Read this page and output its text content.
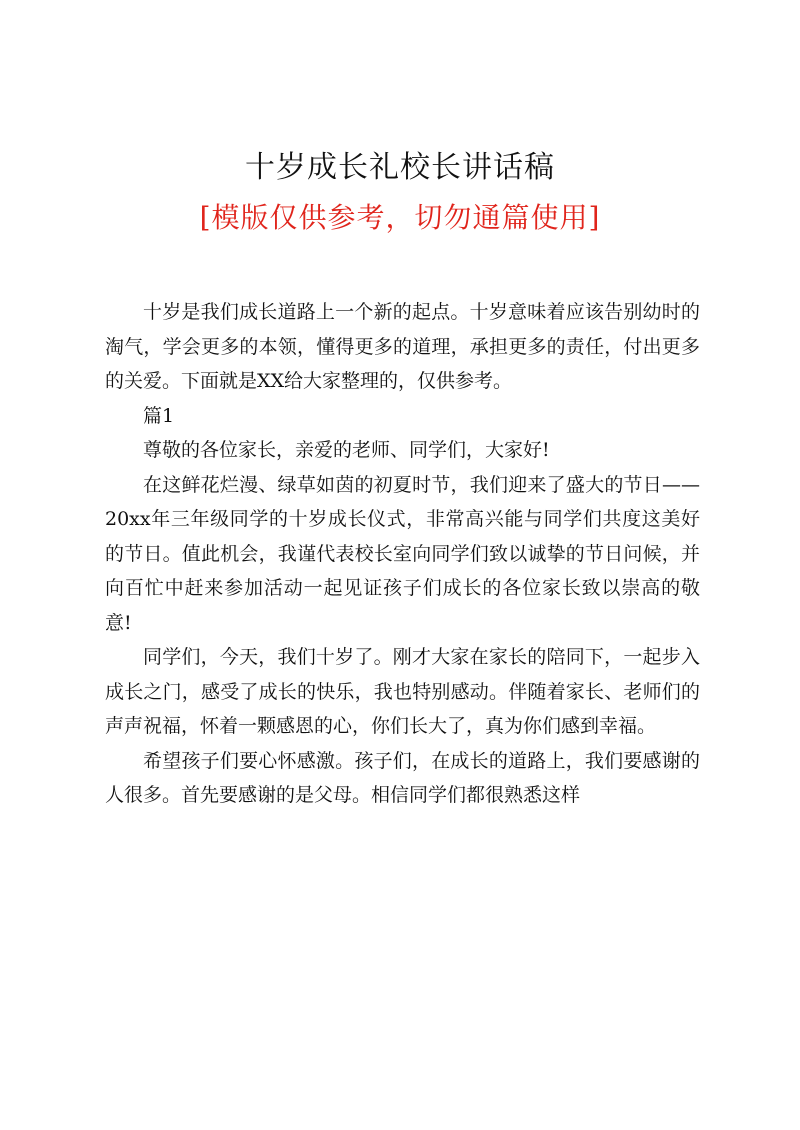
十岁成长礼校长讲话稿
[模版仅供参考，切勿通篇使用]

十岁是我们成长道路上一个新的起点。十岁意味着应该告别幼时的淘气，学会更多的本领，懂得更多的道理，承担更多的责任，付出更多的关爱。下面就是XX给大家整理的，仅供参考。

篇1

尊敬的各位家长，亲爱的老师、同学们，大家好!

在这鲜花烂漫、绿草如茵的初夏时节，我们迎来了盛大的节日——20xx年三年级同学的十岁成长仪式，非常高兴能与同学们共度这美好的节日。值此机会，我谨代表校长室向同学们致以诚挚的节日问候，并向百忙中赶来参加活动一起见证孩子们成长的各位家长致以崇高的敬意!

同学们，今天，我们十岁了。刚才大家在家长的陪同下，一起步入成长之门，感受了成长的快乐，我也特别感动。伴随着家长、老师们的声声祝福，怀着一颗感恩的心，你们长大了，真为你们感到幸福。

希望孩子们要心怀感激。孩子们，在成长的道路上，我们要感谢的人很多。首先要感谢的是父母。相信同学们都很熟悉这样
